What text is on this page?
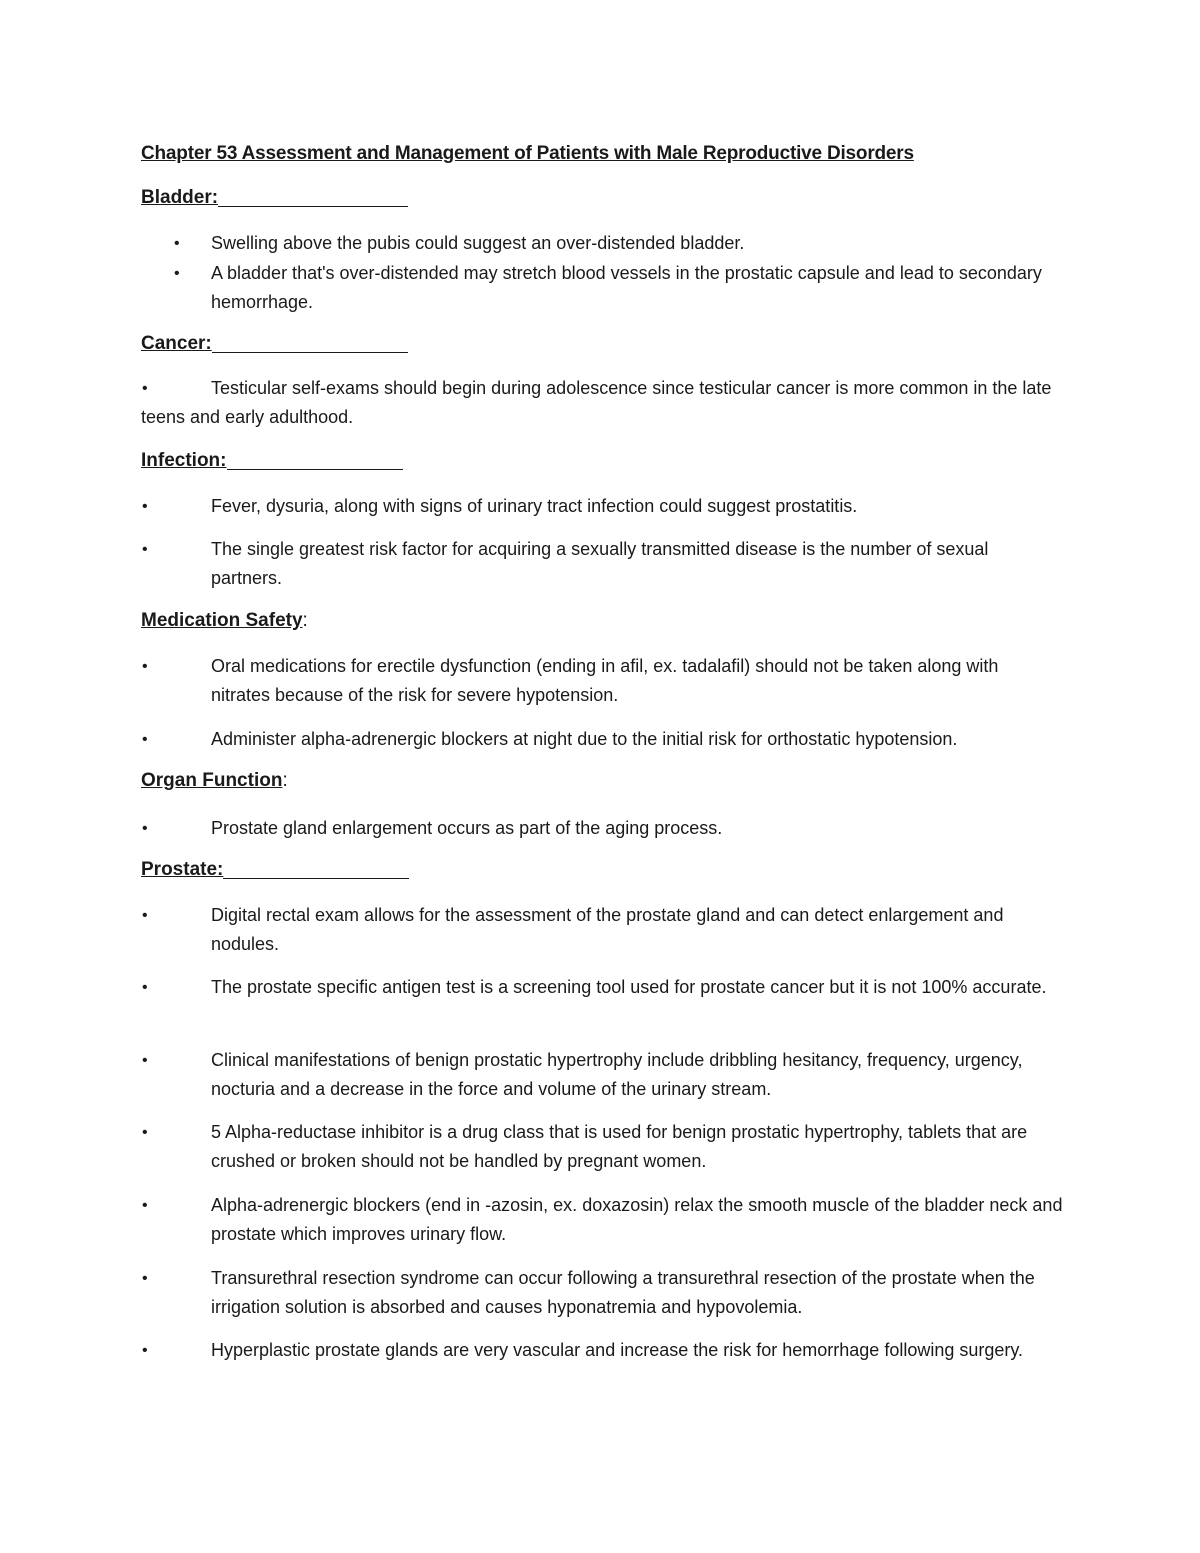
Chapter 53 Assessment and Management of Patients with Male Reproductive Disorders
Bladder:
• Swelling above the pubis could suggest an over-distended bladder.
• A bladder that's over-distended may stretch blood vessels in the prostatic capsule and lead to secondary hemorrhage.
Cancer:
•	Testicular self-exams should begin during adolescence since testicular cancer is more common in the late teens and early adulthood.
Infection:
•	Fever, dysuria, along with signs of urinary tract infection could suggest prostatitis.
•	The single greatest risk factor for acquiring a sexually transmitted disease is the number of sexual partners.
Medication Safety:
•	Oral medications for erectile dysfunction (ending in afil, ex. tadalafil) should not be taken along with nitrates because of the risk for severe hypotension.
•	Administer alpha-adrenergic blockers at night due to the initial risk for orthostatic hypotension.
Organ Function:
•	Prostate gland enlargement occurs as part of the aging process.
Prostate:
•	Digital rectal exam allows for the assessment of the prostate gland and can detect enlargement and nodules.
•	The prostate specific antigen test is a screening tool used for prostate cancer but it is not 100% accurate.
•	Clinical manifestations of benign prostatic hypertrophy include dribbling hesitancy, frequency, urgency, nocturia and a decrease in the force and volume of the urinary stream.
•	5 Alpha-reductase inhibitor is a drug class that is used for benign prostatic hypertrophy, tablets that are crushed or broken should not be handled by pregnant women.
•	Alpha-adrenergic blockers (end in -azosin, ex. doxazosin) relax the smooth muscle of the bladder neck and prostate which improves urinary flow.
•	Transurethral resection syndrome can occur following a transurethral resection of the prostate when the irrigation solution is absorbed and causes hyponatremia and hypovolemia.
•	Hyperplastic prostate glands are very vascular and increase the risk for hemorrhage following surgery.
